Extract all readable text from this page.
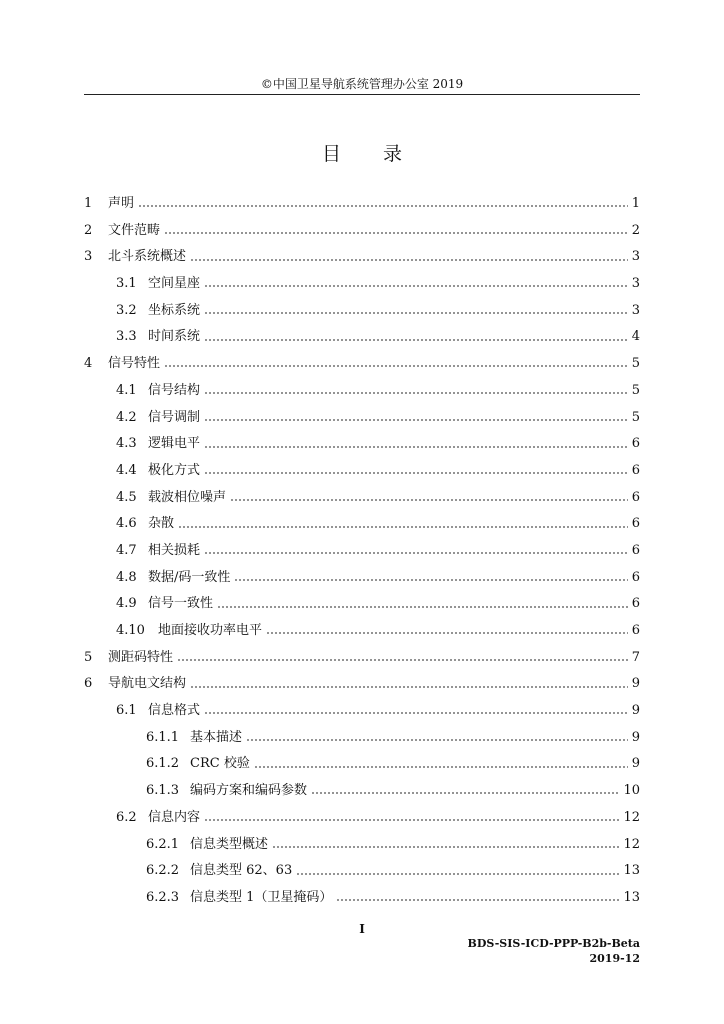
©中国卫星导航系统管理办公室 2019
目 录
1	声明	1
2	文件范畴	2
3	北斗系统概述	3
3.1 空间星座	3
3.2 坐标系统	3
3.3 时间系统	4
4	信号特性	5
4.1 信号结构	5
4.2 信号调制	5
4.3 逻辑电平	6
4.4 极化方式	6
4.5 载波相位噪声	6
4.6 杂散	6
4.7 相关损耗	6
4.8 数据/码一致性	6
4.9 信号一致性	6
4.10	地面接收功率电平	6
5	测距码特性	7
6	导航电文结构	9
6.1 信息格式	9
6.1.1 基本描述	9
6.1.2 CRC 校验	9
6.1.3 编码方案和编码参数	10
6.2 信息内容	12
6.2.1 信息类型概述	12
6.2.2 信息类型 62、63	13
6.2.3 信息类型 1（卫星掩码）	13
I
BDS-SIS-ICD-PPP-B2b-Beta
2019-12
